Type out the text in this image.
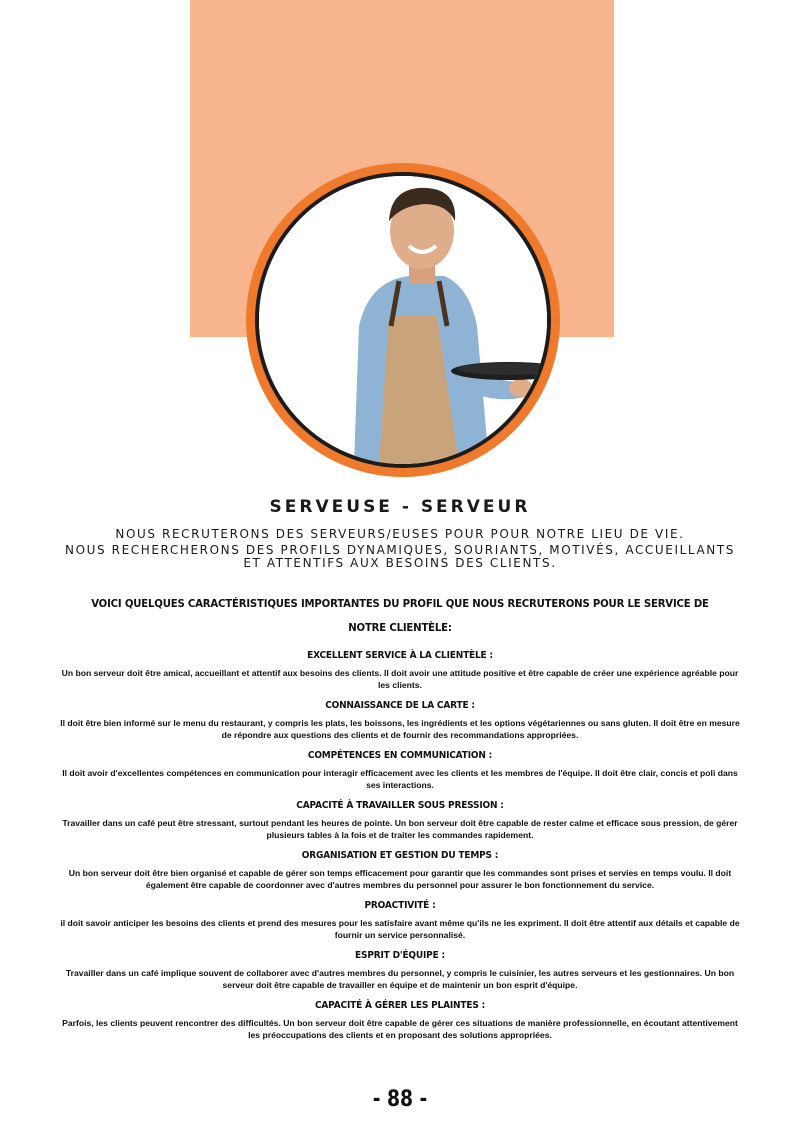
SERVEUSE - SERVEUR

NOUS RECRUTERONS DES SERVEURS/EUSES POUR POUR NOTRE LIEU DE VIE.

NOUS RECHERCHERONS DES PROFILS DYNAMIQUES, SOURIANTS, MOTIVÉS, ACCUEILLANTS ET ATTENTIFS AUX BESOINS DES CLIENTS.

VOICI QUELQUES CARACTÉRISTIQUES IMPORTANTES DU PROFIL QUE NOUS RECRUTERONS POUR LE SERVICE DE NOTRE CLIENTÈLE:

EXCELLENT SERVICE À LA CLIENTÈLE :

Un bon serveur doit être amical, accueillant et attentif aux besoins des clients. Il doit avoir une attitude positive et être capable de créer une expérience agréable pour les clients.

CONNAISSANCE DE LA CARTE :

Il doit être bien informé sur le menu du restaurant, y compris les plats, les boissons, les ingrédients et les options végétariennes ou sans gluten. Il doit être en mesure de répondre aux questions des clients et de fournir des recommandations appropriées.

COMPÉTENCES EN COMMUNICATION :

Il doit avoir d'excellentes compétences en communication pour interagir efficacement avec les clients et les membres de l'équipe. Il doit être clair, concis et poli dans ses interactions.

CAPACITÉ À TRAVAILLER SOUS PRESSION :

Travailler dans un café peut être stressant, surtout pendant les heures de pointe. Un bon serveur doit être capable de rester calme et efficace sous pression, de gérer plusieurs tables à la fois et de traiter les commandes rapidement.

ORGANISATION ET GESTION DU TEMPS :

Un bon serveur doit être bien organisé et capable de gérer son temps efficacement pour garantir que les commandes sont prises et servies en temps voulu. Il doit également être capable de coordonner avec d'autres membres du personnel pour assurer le bon fonctionnement du service.

PROACTIVITÉ :

il doit savoir anticiper les besoins des clients et prend des mesures pour les satisfaire avant même qu'ils ne les expriment. Il doit être attentif aux détails et capable de fournir un service personnalisé.

ESPRIT D'ÉQUIPE :

Travailler dans un café implique souvent de collaborer avec d'autres membres du personnel, y compris le cuisinier, les autres serveurs et les gestionnaires. Un bon serveur doit être capable de travailler en équipe et de maintenir un bon esprit d'équipe.

CAPACITÉ À GÉRER LES PLAINTES :

Parfois, les clients peuvent rencontrer des difficultés. Un bon serveur doit être capable de gérer ces situations de manière professionnelle, en écoutant attentivement les préoccupations des clients et en proposant des solutions appropriées.

- 88 -
